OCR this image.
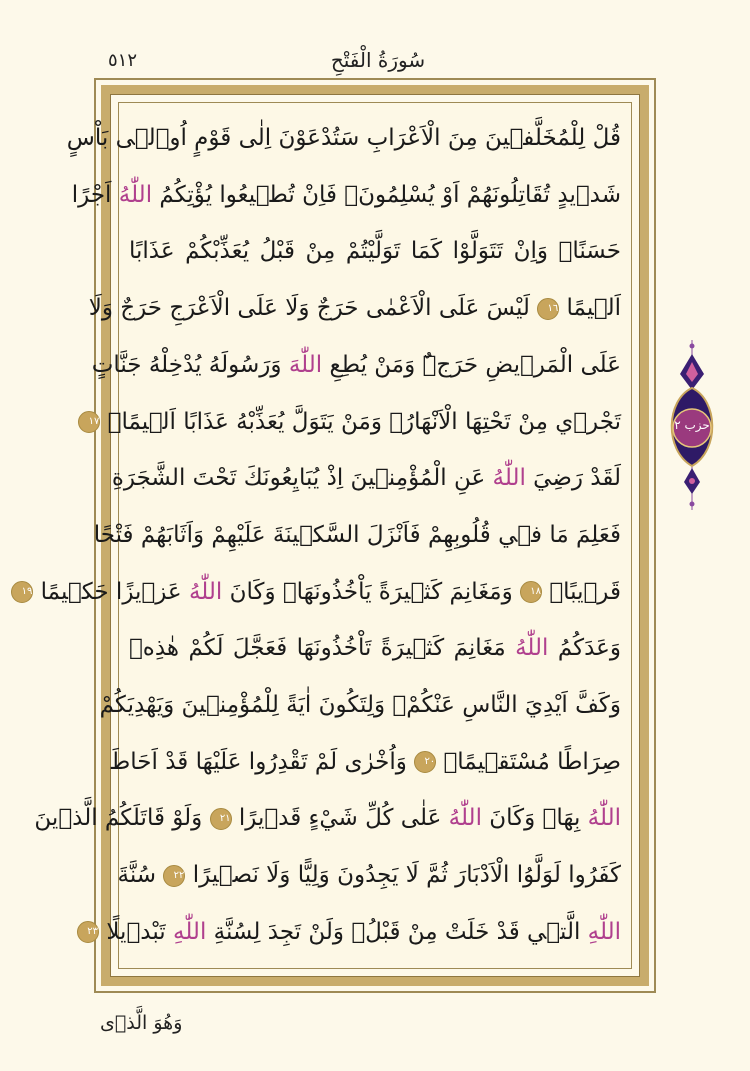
٥١٢	سُورَةُ الْفَتْحِ
قُلْ لِلْمُخَلَّف۪ينَ مِنَ الْاَعْرَابِ سَتُدْعَوْنَ اِلٰى قَوْمٍ اُو۬لٖى بَاْسٍ
شَد۪يدٍ تُقَاتِلُونَهُمْ اَوْ يُسْلِمُونَۚ فَاِنْ تُط۪يعُوا يُؤْتِكُمُ اللّٰهُ اَجْرًا
حَسَنًاۚ وَاِنْ تَتَوَلَّوْا كَمَا تَوَلَّيْتُمْ مِنْ قَبْلُ يُعَذِّبْكُمْ عَذَابًا
اَل۪يمًا ١٦ لَيْسَ عَلَى الْاَعْمٰى حَرَجٌ وَلَا عَلَى الْاَعْرَجِ حَرَجٌ وَلَا
عَلَى الْمَر۪يضِ حَرَجٌۜ وَمَنْ يُطِعِ اللّٰهَ وَرَسُولَهُ يُدْخِلْهُ جَنَّاتٍ
تَجْر۪ي مِنْ تَحْتِهَا الْاَنْهَارُۚ وَمَنْ يَتَوَلَّ يُعَذِّبْهُ عَذَابًا اَل۪يمًاࣖ ١٧
لَقَدْ رَضِيَ اللّٰهُ عَنِ الْمُؤْمِن۪ينَ اِذْ يُبَايِعُونَكَ تَحْتَ الشَّجَرَةِ
فَعَلِمَ مَا ف۪ي قُلُوبِهِمْ فَاَنْزَلَ السَّك۪ينَةَ عَلَيْهِمْ وَاَثَابَهُمْ فَتْحًا
قَر۪يبًاۙ ١٨ وَمَغَانِمَ كَث۪يرَةً يَاْخُذُونَهَاۜ وَكَانَ اللّٰهُ عَز۪يزًا حَك۪يمًا ١٩
وَعَدَكُمُ اللّٰهُ مَغَانِمَ كَث۪يرَةً تَاْخُذُونَهَا فَعَجَّلَ لَكُمْ هٰذِه۪
وَكَفَّ اَيْدِيَ النَّاسِ عَنْكُمْۚ وَلِتَكُونَ اٰيَةً لِلْمُؤْمِن۪ينَ وَيَهْدِيَكُمْ
صِرَاطًا مُسْتَق۪يمًاۙ ٢٠ وَاُخْرٰى لَمْ تَقْدِرُوا عَلَيْهَا قَدْ اَحَاطَ
اللّٰهُ بِهَاۜ وَكَانَ اللّٰهُ عَلٰى كُلِّ شَيْءٍ قَد۪يرًا ٢١ وَلَوْ قَاتَلَكُمُ الَّذ۪ينَ
كَفَرُوا لَوَلَّوُا الْاَدْبَارَ ثُمَّ لَا يَجِدُونَ وَلِيًّا وَلَا نَص۪يرًا ٢٢ سُنَّةَ
اللّٰهِ الَّت۪ي قَدْ خَلَتْ مِنْ قَبْلُۚ وَلَنْ تَجِدَ لِسُنَّةِ اللّٰهِ تَبْد۪يلًا ٢٣
حزب ٢
وَهُوَ الَّذ۪ى
